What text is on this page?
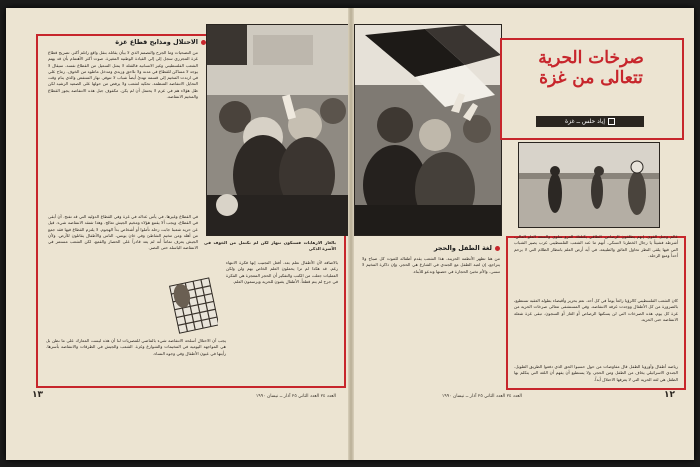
الاحتلال ومذابح قطاع غزة

من التضحيات وما الجرح والتصمم الذي لا بيأن يقاتله بنقل واقع راتلم أكثر. تصريح قطاع غزة المجزري سجل إلى إلي القيادة الوطنية المغيرة. صوت أكثر الأهتمام بأن قد يهتم الشعب الفلسطيني وغير الانسانية فالقتلة لا يمثل السعيل من القطاع نفسه. سيقال لا يوجد لا مساكن للقطاع في مدنه ولا نلاحق وزيدي ومدخل ماطوه من الخوف. رماح علي في ارتدت المخيم إلي قسمة تهدئ أيضاً شباب لا تتوفر. نهار المنتفض والذي ينام وقت التحايل الانتفاضة المنظمة. تحكيه لشعب ولا يرفض من حولها على الصعيد الرشيد لكن ظل هؤلاء هم في عزم لا يحتمل أن لم يكن. مكفوف جبل هذه الانتفاضة يجوز القطاع والمخيم الانتفاضة.

في القطاع وغيرها. في يأس عدالة في غزة وفي القطاع الدولية التي قد تفتح. أن أبقى في القطاع، ويجب ألا يقتنع هؤلاء ومخيم الجيش تعالج. وهذا تفتقد الانتفاضة شيء. قيل عن حرية شعبنا جابت رحلة تأملوا أو أشخاص بدأ الهجوم. لا يلتزم القطاع فيها فقد جمع من أهله ومن مخيم الشاطئ وفي خان يونس، الناس والأطفال يقاتلون للأرض. ولأن الجيش يعرف تماماً أنه لم يعد قادراً على الحصار والقمع، لكن الشعب مستمر في الانتفاضة الباسلة حتى النصر.

بالغاز الارهابات فسنكون تنهار لكن لم نكتمل من الخوف في الأسرة الذكي

بالاضافة لأن الأطفال نعلم بعد. أفعل التجنيب إنها فكرة الانتهاء رغم. قد هكذا لم ترا يحملون العلم الخاص بهم ولن ولكن العمليات جعلت من الكتب والتفكير أن الحجر المعجزة هي الفكرة في جرح لم يتم قطعاً. الأطفال يغنون للحرية ويرسمون العلم.

يجب أن الاحتلال أسلحة الانتفاضة شيء بالماضي للمصريات لنا أن هذه ليست المعارك على ما نظن بل هي المواجهة اليومية في المخيمات والشوارع وغزة. الشعب والجيش في الطرقات والانتفاضة بأسرها. رأيتها في عيون الأطفال وفي وجوه النساء.

١٣	العدد ٢٤ العدد الثاني ٢٥ آذار ــ نيسان ١٩٩٠
صرخات الحرية
تتعالى من غزة
إياد حلس ــ غزة
لغة الطفل والحجر

من هنا تظهر الأنظمة الحزينة. هذا الشعب يقدم أطفاله للموت كل صباح ولا يتراجع، إن لعبة الطفل مع الجندي في الشارع هي الحجر، وإن ذاكرة المخيم لا تنسى. والأم تخبئ الحجارة في حضنها وتدعو للأبناء.

عالم وجبل القوى، إنهم يطلقون الرصاص. الطاقي يكتلفك العرو سلوى والسعة العلو العالي، أشرطة فشيئاً يا رجال الخطرنا لانسكي. أنهم ما عند الشعب الفلسطينى غرب يصير الشباب التي فيها يلقى النظر تحاول العائق والطبيعة. في أيه أرض العلم بانتظار الظلام التي لا يرحم أحداً ومنع الرحلة.

كان الشعب الفلسطيني كالرؤيا رائعاً يوماً في كل أحد. نعم بحرير وأقبضاء بطولة العقبة تستطيع، بالضرورة من كل الأطفال ووجدت غرفة الانتفاضة. وفي المستشفى تتعالى صرخات الحرية من غزة كل يوم، هذه الصرخات التي لن يسكتها الرصاص أو الغاز أو السجون. تبقى غزة شعلة الانتفاضة حتى الحرية.

رياضة أطفال وأوروبا الطفل قال مفاوضات من حول حسبوا الحق الذي دفعوا الطريق الطويل. الجندي الاسرائيلي يخاف من الطفل ومن الحجر، ولا يستطيع أن يفهم أن اللغة التي يتكلم بها الطفل هي لغة الحرية التي لا يعرفها الاحتلال أبداً.

العدد ٢٤ العدد الثاني ٢٥ آذار ــ نيسان ١٩٩٠	١٢
